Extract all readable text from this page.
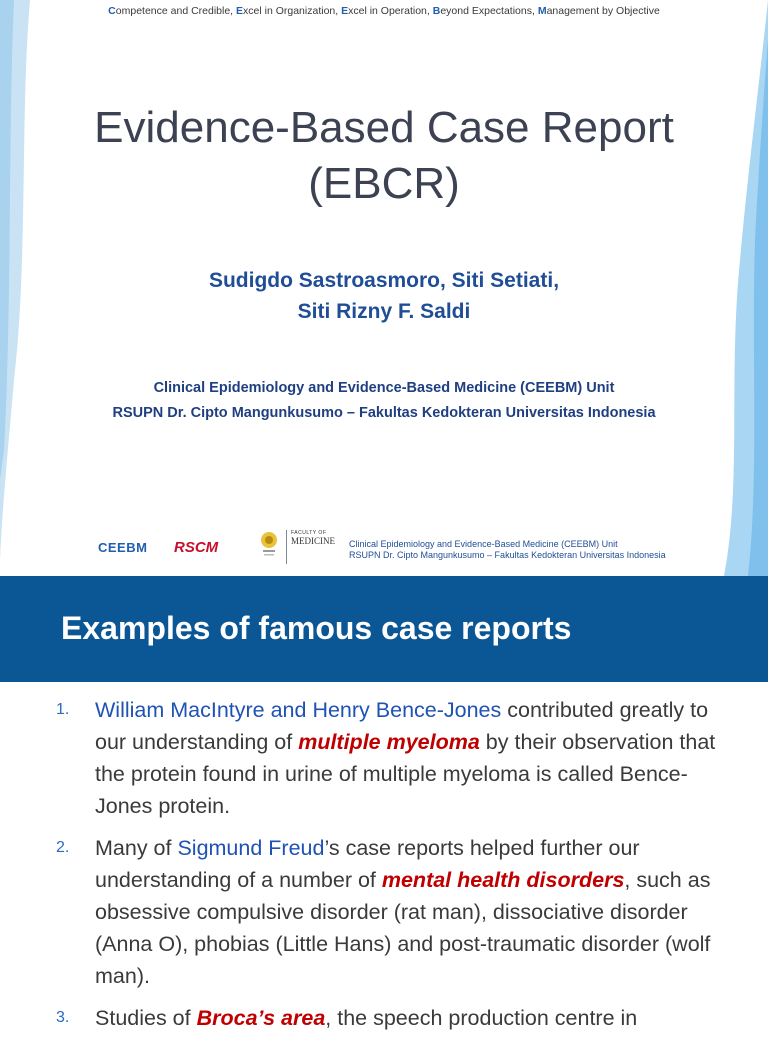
Competence and Credible, Excel in Organization, Excel in Operation, Beyond Expectations, Management by Objective
Evidence-Based Case Report
(EBCR)
Sudigdo Sastroasmoro, Siti Setiati,
Siti Rizny F. Saldi
Clinical Epidemiology and Evidence-Based Medicine (CEEBM) Unit
RSUPN Dr. Cipto Mangunkusumo – Fakultas Kedokteran Universitas Indonesia
CEEBM RSCM
FACULTY OF
MEDICINE Clinical Epidemiology and Evidence-Based Medicine (CEEBM) Unit
RSUPN Dr. Cipto Mangunkusumo – Fakultas Kedokteran Universitas Indonesia
Examples of famous case reports
1. William MacIntyre and Henry Bence-Jones contributed greatly to our understanding of multiple myeloma by their observation that the protein found in urine of multiple myeloma is called Bence-Jones protein.
2. Many of Sigmund Freud’s case reports helped further our understanding of a number of mental health disorders, such as obsessive compulsive disorder (rat man), dissociative disorder (Anna O), phobias (Little Hans) and post-traumatic disorder (wolf man).
3. Studies of Broca’s area, the speech production centre in
